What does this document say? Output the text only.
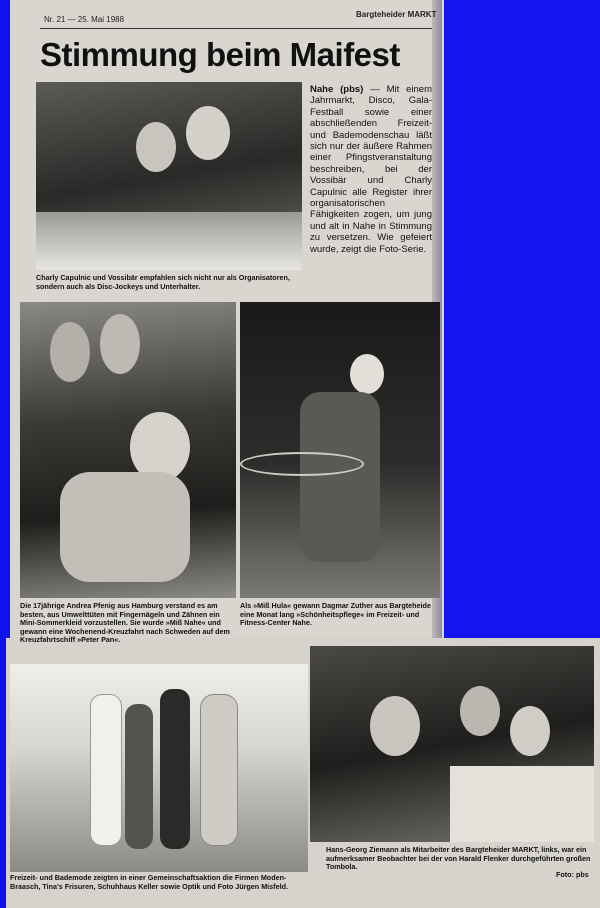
Nr. 21 — 25. Mai 1988
Bargteheider MARKT
Stimmung beim Maifest
Charly Capulnic und Vossibär empfahlen sich nicht nur als Organisatoren, sondern auch als Disc-Jockeys und Unterhalter.
Nahe (pbs) — Mit einem Jahrmarkt, Disco, Gala-Festball sowie einer abschließenden Freizeit- und Bademodenschau läßt sich nur der äußere Rahmen einer Pfingstveranstaltung beschreiben, bei der Vossibär und Charly Capulnic alle Register ihrer organisatorischen Fähigkeiten zogen, um jung und alt in Nahe in Stimmung zu versetzen. Wie gefeiert wurde, zeigt die Foto-Serie.
Die 17jährige Andrea Pfenig aus Hamburg verstand es am besten, aus Umwelttüten mit Fingernägeln und Zähnen ein Mini-Sommerkleid vorzustellen. Sie wurde »Miß Nahe« und gewann eine Wochenend-Kreuzfahrt nach Schweden auf dem Kreuzfahrtschiff »Peter Pan«.
Als »Miß Hula« gewann Dagmar Zuther aus Bargteheide eine Monat lang »Schönheitspflege« im Freizeit- und Fitness-Center Nahe.
Freizeit- und Bademode zeigten in einer Gemeinschaftsaktion die Firmen Moden-Braasch, Tina's Frisuren, Schuhhaus Keller sowie Optik und Foto Jürgen Misfeld.
Hans-Georg Ziemann als Mitarbeiter des Bargteheider MARKT, links, war ein aufmerksamer Beobachter bei der von Harald Flenker durchgeführten großen Tombola.
Foto: pbs
